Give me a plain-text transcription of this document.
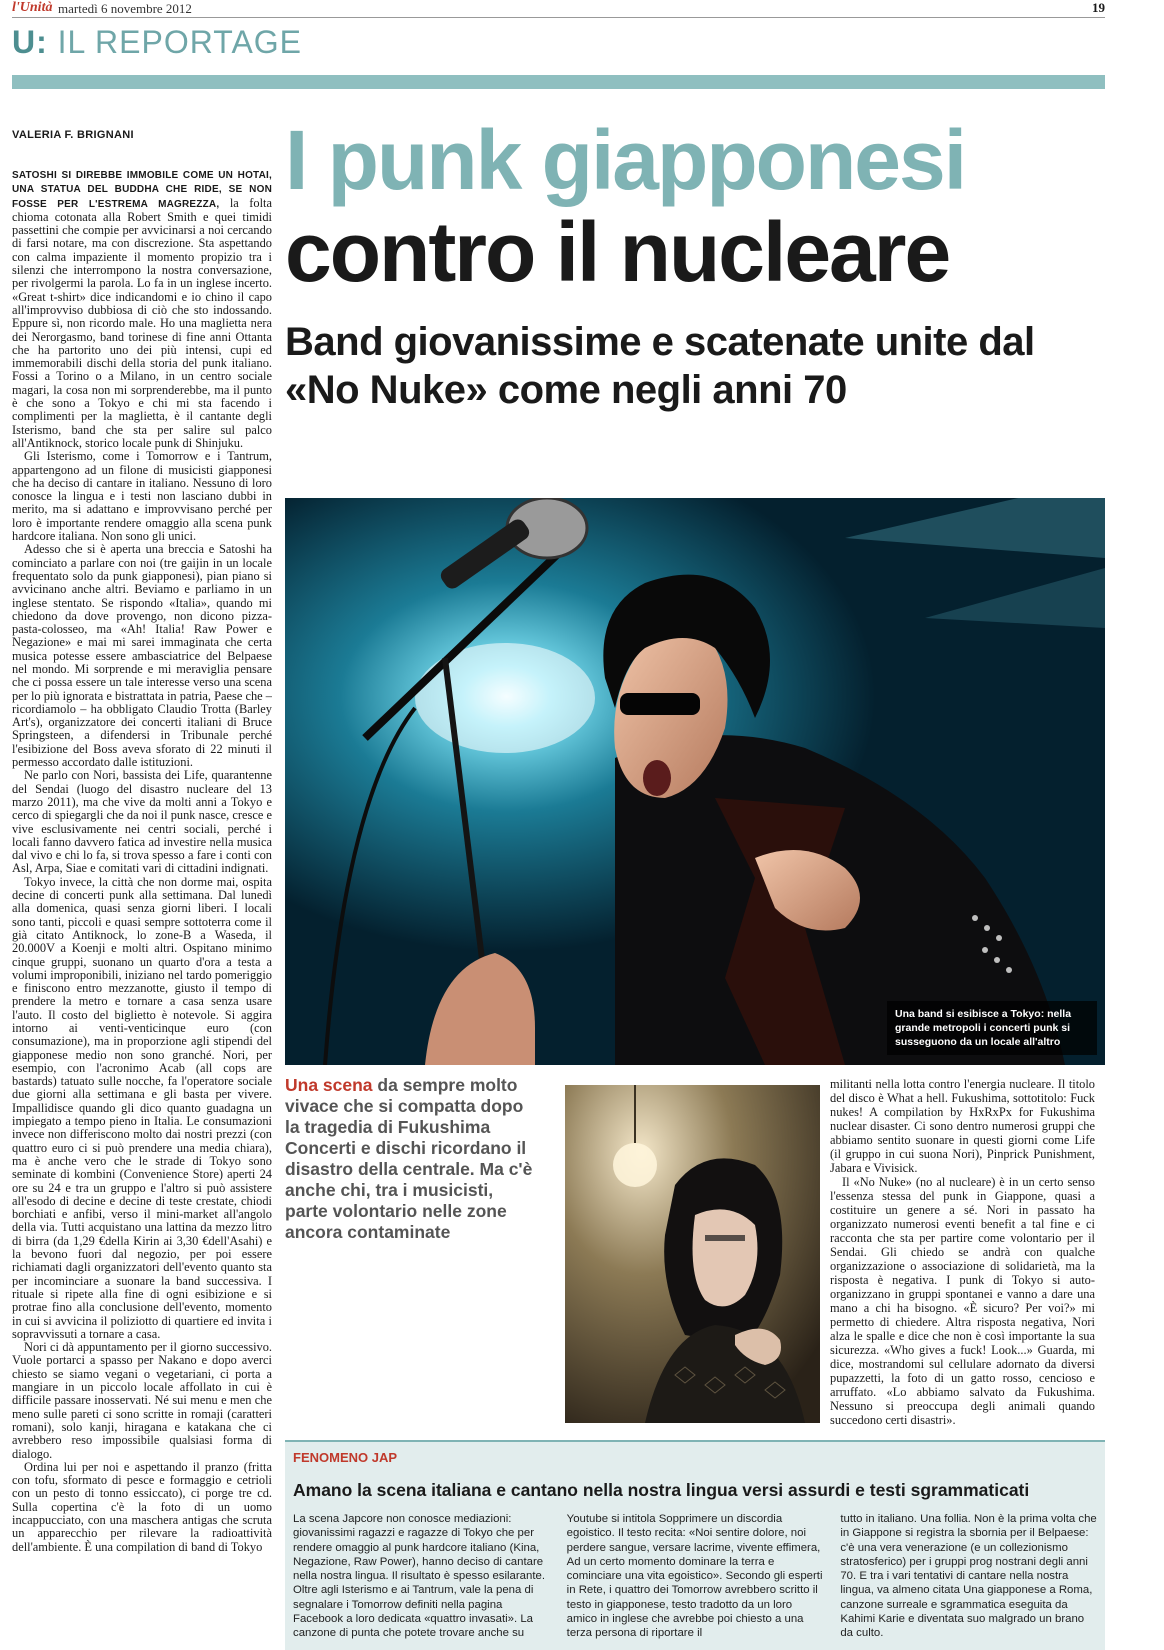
l'Unità martedì 6 novembre 2012	19
U: IL REPORTAGE
VALERIA F. BRIGNANI

SATOSHI SI DIREBBE IMMOBILE COME UN HOTAI, UNA STATUA DEL BUDDHA CHE RIDE, SE NON FOSSE PER L'ESTREMA MAGREZZA, la folta chioma cotonata alla Robert Smith e quei timidi passettini che compie per avvicinarsi a noi cercando di farsi notare, ma con discrezione. Sta aspettando con calma impaziente il momento propizio tra i silenzi che interrompono la nostra conversazione, per rivolgermi la parola. Lo fa in un inglese incerto. «Great t-shirt» dice indicandomi e io chino il capo all'improvviso dubbiosa di ciò che sto indossando. Eppure sì, non ricordo male. Ho una maglietta nera dei Nerorgasmo, band torinese di fine anni Ottanta che ha partorito uno dei più intensi, cupi ed immemorabili dischi della storia del punk italiano. Fossi a Torino o a Milano, in un centro sociale magari, la cosa non mi sorprenderebbe, ma il punto è che sono a Tokyo e chi mi sta facendo i complimenti per la maglietta, è il cantante degli Isterismo, band che sta per salire sul palco all'Antiknock, storico locale punk di Shinjuku.

Gli Isterismo, come i Tomorrow e i Tantrum, appartengono ad un filone di musicisti giapponesi che ha deciso di cantare in italiano. Nessuno di loro conosce la lingua e i testi non lasciano dubbi in merito, ma si adattano e improvvisano perché per loro è importante rendere omaggio alla scena punk hardcore italiana. Non sono gli unici.

Adesso che si è aperta una breccia e Satoshi ha cominciato a parlare con noi (tre gaijin in un locale frequentato solo da punk giapponesi), pian piano si avvicinano anche altri. Beviamo e parliamo in un inglese stentato. Se rispondo «Italia», quando mi chiedono da dove provengo, non dicono pizza-pasta-colosseo, ma «Ah! Italia! Raw Power e Negazione» e mai mi sarei immaginata che certa musica potesse essere ambasciatrice del Belpaese nel mondo. Mi sorprende e mi meraviglia pensare che ci possa essere un tale interesse verso una scena per lo più ignorata e bistrattata in patria, Paese che – ricordiamolo – ha obbligato Claudio Trotta (Barley Art's), organizzatore dei concerti italiani di Bruce Springsteen, a difendersi in Tribunale perché l'esibizione del Boss aveva sforato di 22 minuti il permesso accordato dalle istituzioni.

Ne parlo con Nori, bassista dei Life, quarantenne del Sendai (luogo del disastro nucleare del 13 marzo 2011), ma che vive da molti anni a Tokyo e cerco di spiegargli che da noi il punk nasce, cresce e vive esclusivamente nei centri sociali, perché i locali fanno davvero fatica ad investire nella musica dal vivo e chi lo fa, si trova spesso a fare i conti con Asl, Arpa, Siae e comitati vari di cittadini indignati.

Tokyo invece, la città che non dorme mai, ospita decine di concerti punk alla settimana. Dal lunedì alla domenica, quasi senza giorni liberi. I locali sono tanti, piccoli e quasi sempre sottoterra come il già citato Antiknock, lo zone-B a Waseda, il 20.000V a Koenji e molti altri. Ospitano minimo cinque gruppi, suonano un quarto d'ora a testa a volumi improponibili, iniziano nel tardo pomeriggio e finiscono entro mezzanotte, giusto il tempo di prendere la metro e tornare a casa senza usare l'auto. Il costo del biglietto è notevole. Si aggira intorno ai venti-venticinque euro (con consumazione), ma in proporzione agli stipendi del giapponese medio non sono granché. Nori, per esempio, con l'acronimo Acab (all cops are bastards) tatuato sulle nocche, fa l'operatore sociale due giorni alla settimana e gli basta per vivere. Impallidisce quando gli dico quanto guadagna un impiegato a tempo pieno in Italia. Le consumazioni invece non differiscono molto dai nostri prezzi (con quattro euro ci si può prendere una media chiara), ma è anche vero che le strade di Tokyo sono seminate di kombini (Convenience Store) aperti 24 ore su 24 e tra un gruppo e l'altro si può assistere all'esodo di decine e decine di teste crestate, chiodi borchiati e anfibi, verso il mini-market all'angolo della via. Tutti acquistano una lattina da mezzo litro di birra (da 1,29 €della Kirin ai 3,30 €dell'Asahi) e la bevono fuori dal negozio, per poi essere richiamati dagli organizzatori dell'evento quanto sta per incominciare a suonare la band successiva. I rituale si ripete alla fine di ogni esibizione e si protrae fino alla conclusione dell'evento, momento in cui si avvicina il poliziotto di quartiere ed invita i sopravvissuti a tornare a casa.

Nori ci dà appuntamento per il giorno successivo. Vuole portarci a spasso per Nakano e dopo averci chiesto se siamo vegani o vegetariani, ci porta a mangiare in un piccolo locale affollato in cui è difficile passare inosservati. Né sui menu e men che meno sulle pareti ci sono scritte in romaji (caratteri romani), solo kanji, hiragana e katakana che ci avrebbero reso impossibile qualsiasi forma di dialogo.

Ordina lui per noi e aspettando il pranzo (fritta con tofu, sformato di pesce e formaggio e cetrioli con un pesto di tonno essiccato), ci porge tre cd. Sulla copertina c'è la foto di un uomo incappucciato, con una maschera antigas che scruta un apparecchio per rilevare la radioattività dell'ambiente. È una compilation di band di Tokyo

I punk giapponesi
contro il nucleare
Band giovanissime e scatenate unite dal «No Nuke» come negli anni 70
Una band si esibisce a Tokyo: nella grande metropoli i concerti punk si susseguono da un locale all'altro
Una scena da sempre molto vivace che si compatta dopo la tragedia di Fukushima Concerti e dischi ricordano il disastro della centrale. Ma c'è anche chi, tra i musicisti, parte volontario nelle zone ancora contaminate

militanti nella lotta contro l'energia nucleare. Il titolo del disco è What a hell. Fukushima, sottotitolo: Fuck nukes! A compilation by HxRxPx for Fukushima nuclear disaster. Ci sono dentro numerosi gruppi che abbiamo sentito suonare in questi giorni come Life (il gruppo in cui suona Nori), Pinprick Punishment, Jabara e Vivisick.

Il «No Nuke» (no al nucleare) è in un certo senso l'essenza stessa del punk in Giappone, quasi a costituire un genere a sé. Nori in passato ha organizzato numerosi eventi benefit a tal fine e ci racconta che sta per partire come volontario per il Sendai. Gli chiedo se andrà con qualche organizzazione o associazione di solidarietà, ma la risposta è negativa. I punk di Tokyo si auto-organizzano in gruppi spontanei e vanno a dare una mano a chi ha bisogno. «È sicuro? Per voi?» mi permetto di chiedere. Altra risposta negativa, Nori alza le spalle e dice che non è così importante la sua sicurezza. «Who gives a fuck! Look...» Guarda, mi dice, mostrandomi sul cellulare adornato da diversi pupazzetti, la foto di un gatto rosso, cencioso e arruffato. «Lo abbiamo salvato da Fukushima. Nessuno si preoccupa degli animali quando succedono certi disastri».

FENOMENO JAP
Amano la scena italiana e cantano nella nostra lingua versi assurdi e testi sgrammaticati
La scena Japcore non conosce mediazioni: giovanissimi ragazzi e ragazze di Tokyo che per rendere omaggio al punk hardcore italiano (Kina, Negazione, Raw Power), hanno deciso di cantare nella nostra lingua. Il risultato è spesso esilarante. Oltre agli Isterismo e ai Tantrum, vale la pena di segnalare i Tomorrow definiti nella pagina Facebook a loro dedicata «quattro invasati». La canzone di punta che potete trovare anche su
Youtube si intitola Sopprimere un discordia egoistico. Il testo recita: «Noi sentire dolore, noi perdere sangue, versare lacrime, vivente effimera, Ad un certo momento dominare la terra e cominciare una vita egoistico». Secondo gli esperti in Rete, i quattro dei Tomorrow avrebbero scritto il testo in giapponese, testo tradotto da un loro amico in inglese che avrebbe poi chiesto a una terza persona di riportare il
tutto in italiano. Una follia. Non è la prima volta che in Giappone si registra la sbornia per il Belpaese: c'è una vera venerazione (e un collezionismo stratosferico) per i gruppi prog nostrani degli anni 70. E tra i vari tentativi di cantare nella nostra lingua, va almeno citata Una giapponese a Roma, canzone surreale e sgrammatica eseguita da Kahimi Karie e diventata suo malgrado un brano da culto.
